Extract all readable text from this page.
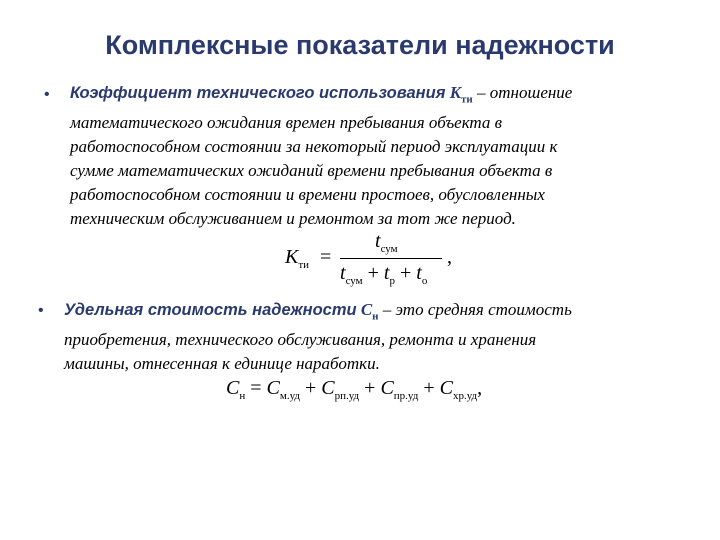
Комплексные показатели надежности
• Коэффициент технического использования $K_{ти}$ – отношение
математического ожидания времен пребывания объекта в
работоспособном состоянии за некоторый период эксплуатации к
сумме математических ожиданий времени пребывания объекта в
работоспособном состоянии и времени простоев, обусловленных
техническим обслуживанием и ремонтом за тот же период.
$K_{ти}$ =
$t_{сум}$
$t_{сум} + t_р + t_о$
,
• Удельная стоимость надежности $C_н$ – это средняя стоимость
приобретения, технического обслуживания, ремонта и хранения
машины, отнесенная к единице наработки.
$C_н = C_{м.уд} + C_{рп.уд} + C_{пр.уд} + C_{хр.уд}$,
